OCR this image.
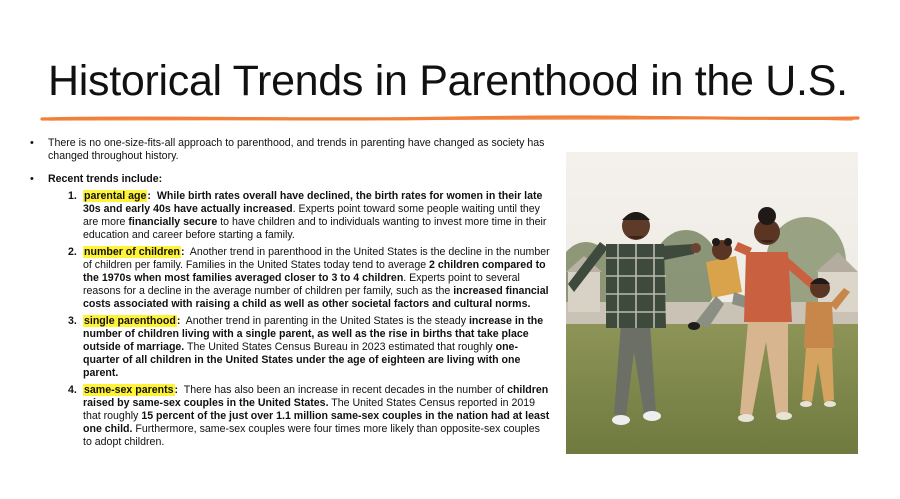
Historical Trends in Parenthood in the U.S.
• There is no one-size-fits-all approach to parenthood, and trends in parenting have changed as society has changed throughout history.
• Recent trends include:
1. parental age: While birth rates overall have declined, the birth rates for women in their late 30s and early 40s have actually increased. Experts point toward some people waiting until they are more financially secure to have children and to individuals wanting to invest more time in their education and career before starting a family.
2. number of children: Another trend in parenthood in the United States is the decline in the number of children per family. Families in the United States today tend to average 2 children compared to the 1970s when most families averaged closer to 3 to 4 children. Experts point to several reasons for a decline in the average number of children per family, such as the increased financial costs associated with raising a child as well as other societal factors and cultural norms.
3. single parenthood: Another trend in parenting in the United States is the steady increase in the number of children living with a single parent, as well as the rise in births that take place outside of marriage. The United States Census Bureau in 2023 estimated that roughly one-quarter of all children in the United States under the age of eighteen are living with one parent.
4. same-sex parents: There has also been an increase in recent decades in the number of children raised by same-sex couples in the United States. The United States Census reported in 2019 that roughly 15 percent of the just over 1.1 million same-sex couples in the nation had at least one child. Furthermore, same-sex couples were four times more likely than opposite-sex couples to adopt children.
